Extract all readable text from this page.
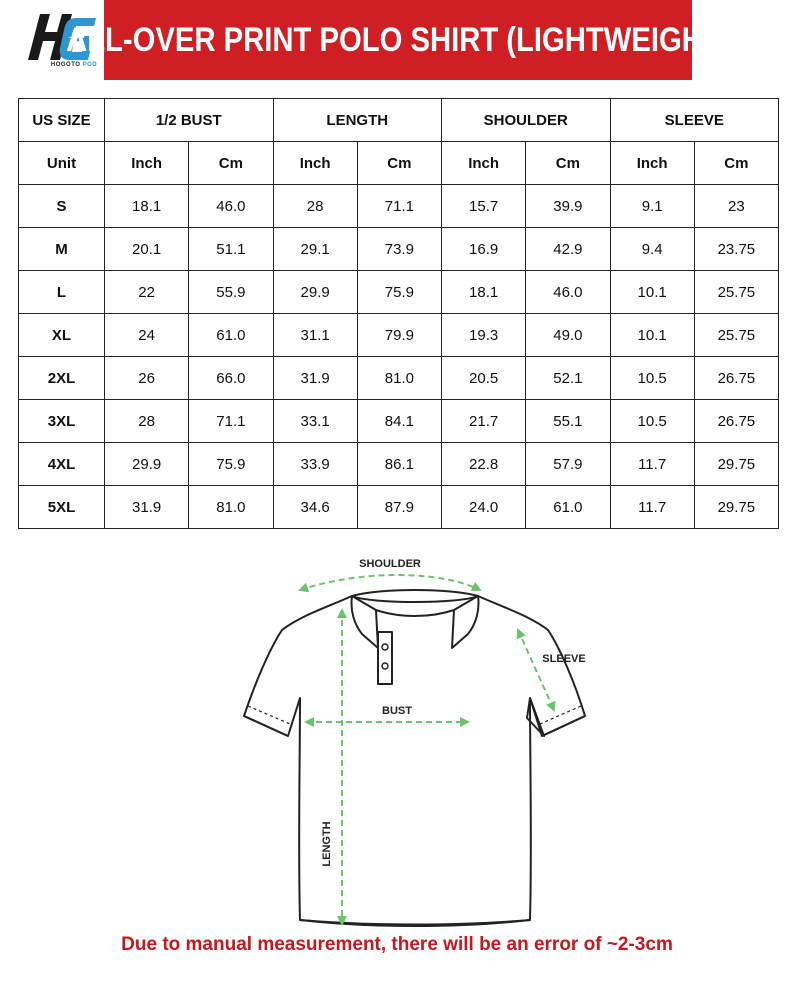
HOGOTO POD
ALL-OVER PRINT POLO SHIRT (LIGHTWEIGHT)
US SIZE	1/2 BUST		LENGTH		SHOULDER		SLEEVE	
Unit	Inch	Cm	Inch	Cm	Inch	Cm	Inch	Cm
S	18.1	46.0	28	71.1	15.7	39.9	9.1	23
M	20.1	51.1	29.1	73.9	16.9	42.9	9.4	23.75
L	22	55.9	29.9	75.9	18.1	46.0	10.1	25.75
XL	24	61.0	31.1	79.9	19.3	49.0	10.1	25.75
2XL	26	66.0	31.9	81.0	20.5	52.1	10.5	26.75
3XL	28	71.1	33.1	84.1	21.7	55.1	10.5	26.75
4XL	29.9	75.9	33.9	86.1	22.8	57.9	11.7	29.75
5XL	31.9	81.0	34.6	87.9	24.0	61.0	11.7	29.75
SHOULDER
SLEEVE
BUST
LENGTH
Due to manual measurement, there will be an error of ~2-3cm
